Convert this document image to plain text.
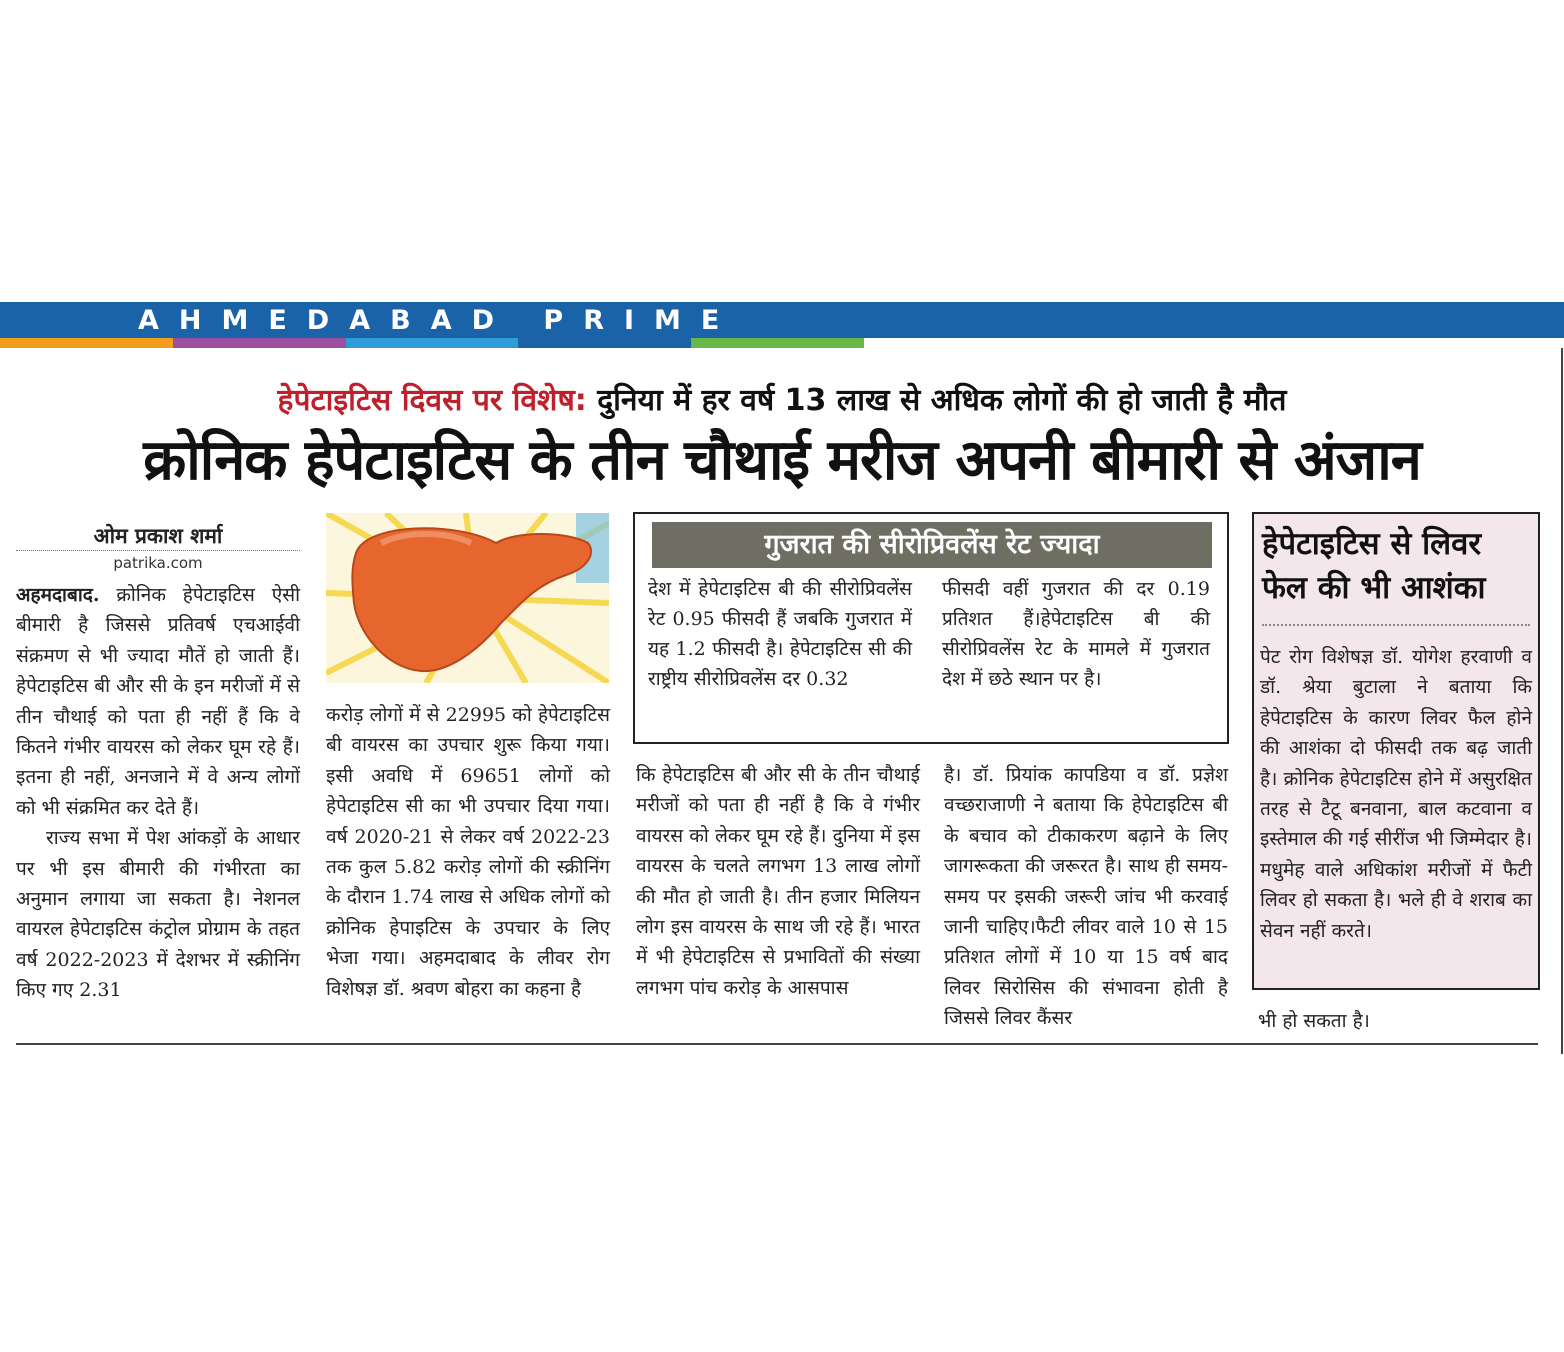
AHMEDABAD PRIME
हेपेटाइटिस दिवस पर विशेष: दुनिया में हर वर्ष 13 लाख से अधिक लोगों की हो जाती है मौत
क्रोनिक हेपेटाइटिस के तीन चौथाई मरीज अपनी बीमारी से अंजान
ओम प्रकाश शर्मा
patrika.com

अहमदाबाद. क्रोनिक हेपेटाइटिस ऐसी बीमारी है जिससे प्रतिवर्ष एचआईवी संक्रमण से भी ज्यादा मौतें हो जाती हैं। हेपेटाइटिस बी और सी के इन मरीजों में से तीन चौथाई को पता ही नहीं हैं कि वे कितने गंभीर वायरस को लेकर घूम रहे हैं। इतना ही नहीं, अनजाने में वे अन्य लोगों को भी संक्रमित कर देते हैं।

राज्य सभा में पेश आंकड़ों के आधार पर भी इस बीमारी की गंभीरता का अनुमान लगाया जा सकता है। नेशनल वायरल हेपेटाइटिस कंट्रोल प्रोग्राम के तहत वर्ष 2022-2023 में देशभर में स्क्रीनिंग किए गए 2.31

करोड़ लोगों में से 22995 को हेपेटाइटिस बी वायरस का उपचार शुरू किया गया। इसी अवधि में 69651 लोगों को हेपेटाइटिस सी का भी उपचार दिया गया। वर्ष 2020-21 से लेकर वर्ष 2022-23 तक कुल 5.82 करोड़ लोगों की स्क्रीनिंग के दौरान 1.74 लाख से अधिक लोगों को क्रोनिक हेपाइटिस के उपचार के लिए भेजा गया। अहमदाबाद के लीवर रोग विशेषज्ञ डॉ. श्रवण बोहरा का कहना है

गुजरात की सीरोप्रिवलेंस रेट ज्यादा
देश में हेपेटाइटिस बी की सीरोप्रिवलेंस रेट 0.95 फीसदी हैं जबकि गुजरात में यह 1.2 फीसदी है। हेपेटाइटिस सी की राष्ट्रीय सीरोप्रिवलेंस दर 0.32
फीसदी वहीं गुजरात की दर 0.19 प्रतिशत हैं।हेपेटाइटिस बी की सीरोप्रिवलेंस रेट के मामले में गुजरात देश में छठे स्थान पर है।

कि हेपेटाइटिस बी और सी के तीन चौथाई मरीजों को पता ही नहीं है कि वे गंभीर वायरस को लेकर घूम रहे हैं। दुनिया में इस वायरस के चलते लगभग 13 लाख लोगों की मौत हो जाती है। तीन हजार मिलियन लोग इस वायरस के साथ जी रहे हैं। भारत में भी हेपेटाइटिस से प्रभावितों की संख्या लगभग पांच करोड़ के आसपास

है। डॉ. प्रियांक कापडिया व डॉ. प्रज्ञेश वच्छराजाणी ने बताया कि हेपेटाइटिस बी के बचाव को टीकाकरण बढ़ाने के लिए जागरूकता की जरूरत है। साथ ही समय-समय पर इसकी जरूरी जांच भी करवाई जानी चाहिए।फैटी लीवर वाले 10 से 15 प्रतिशत लोगों में 10 या 15 वर्ष बाद लिवर सिरोसिस की संभावना होती है जिससे लिवर कैंसर

हेपेटाइटिस से लिवर फेल की भी आशंका
पेट रोग विशेषज्ञ डॉ. योगेश हरवाणी व डॉ. श्रेया बुटाला ने बताया कि हेपेटाइटिस के कारण लिवर फैल होने की आशंका दो फीसदी तक बढ़ जाती है। क्रोनिक हेपेटाइटिस होने में असुरक्षित तरह से टैटू बनवाना, बाल कटवाना व इस्तेमाल की गई सीरींज भी जिम्मेदार है। मधुमेह वाले अधिकांश मरीजों में फैटी लिवर हो सकता है। भले ही वे शराब का सेवन नहीं करते।

भी हो सकता है।
